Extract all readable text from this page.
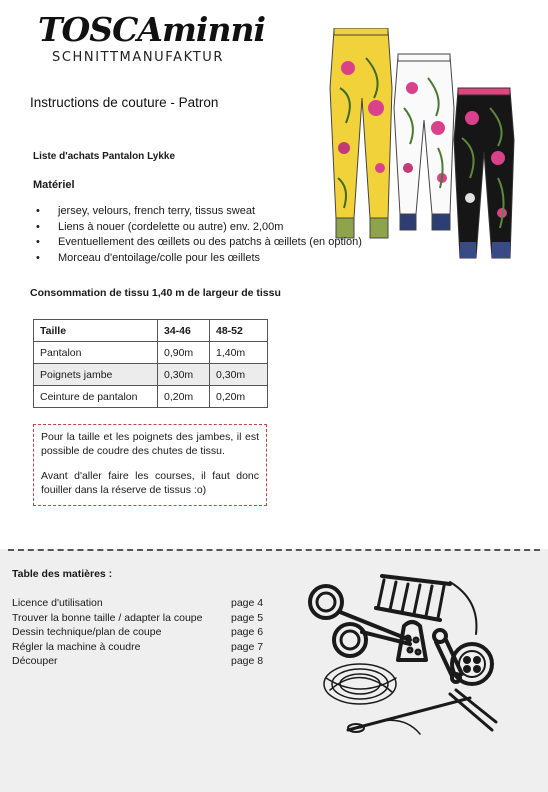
TOSCAminni
SCHNITTMANUFAKTUR
Instructions de couture - Patron
Liste d'achats Pantalon Lykke
Matériel
• jersey, velours, french terry, tissus sweat
• Liens à nouer (cordelette ou autre) env. 2,00m
• Eventuellement des œillets ou des patchs à œillets (en option)
• Morceau d'entoilage/colle pour les œillets
Consommation de tissu 1,40 m de largeur de tissu
Taille	34-46	48-52
Pantalon	0,90m	1,40m
Poignets jambe	0,30m	0,30m
Ceinture de pantalon	0,20m	0,20m

Pour la taille et les poignets des jambes, il est possible de coudre des chutes de tissu.

Avant d'aller faire les courses, il faut donc fouiller dans la réserve de tissus :o)

Table des matières :
Licence d'utilisation	page 4
Trouver la bonne taille / adapter la coupe	page 5
Dessin technique/plan de coupe	page 6
Régler la machine à coudre	page 7
Découper	page 8
